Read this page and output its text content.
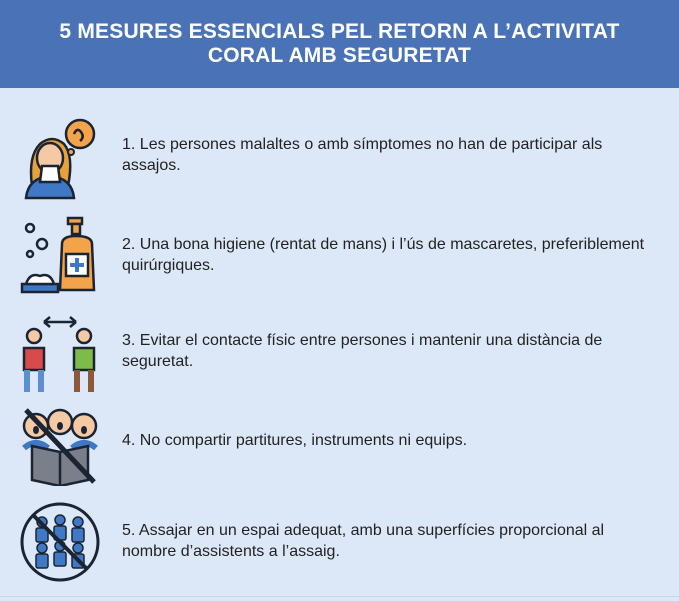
5 MESURES ESSENCIALS PEL RETORN A L’ACTIVITAT
CORAL AMB SEGURETAT
1. Les persones malaltes o amb símptomes no han de participar als assajos.
2. Una bona higiene (rentat de mans) i l’ús de mascaretes, preferiblement quirúrgiques.
3. Evitar el contacte físic entre persones i mantenir una distància de seguretat.
4. No compartir partitures, instruments ni equips.
5. Assajar en un espai adequat, amb una superfícies proporcional al nombre d’assistents a l’assaig.
